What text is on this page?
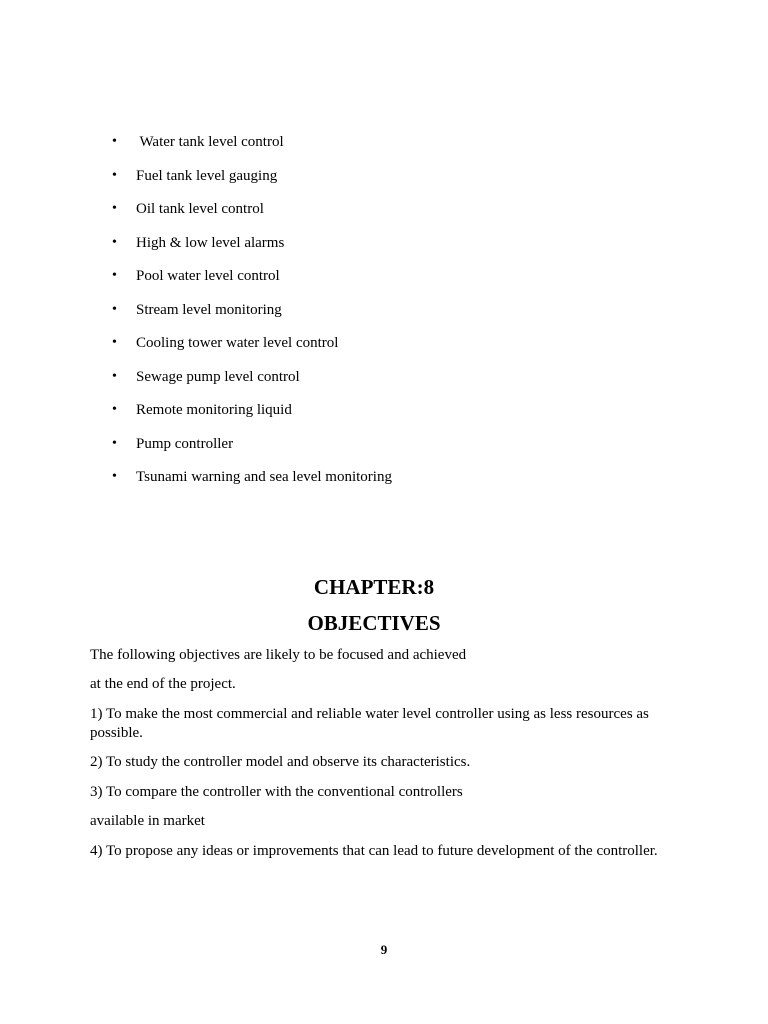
•	Water tank level control
•	Fuel tank level gauging
•	Oil tank level control
•	High & low level alarms
•	Pool water level control
•	Stream level monitoring
•	Cooling tower water level control
•	Sewage pump level control
•	Remote monitoring liquid
•	Pump controller
•	Tsunami warning and sea level monitoring
CHAPTER:8
OBJECTIVES

The following objectives are likely to be focused and achieved

at the end of the project.

1) To make the most commercial and reliable water level controller using as less resources as possible.

2) To study the controller model and observe its characteristics.

3) To compare the controller with the conventional controllers

available in market

4) To propose any ideas or improvements that can lead to future development of the controller.

9
